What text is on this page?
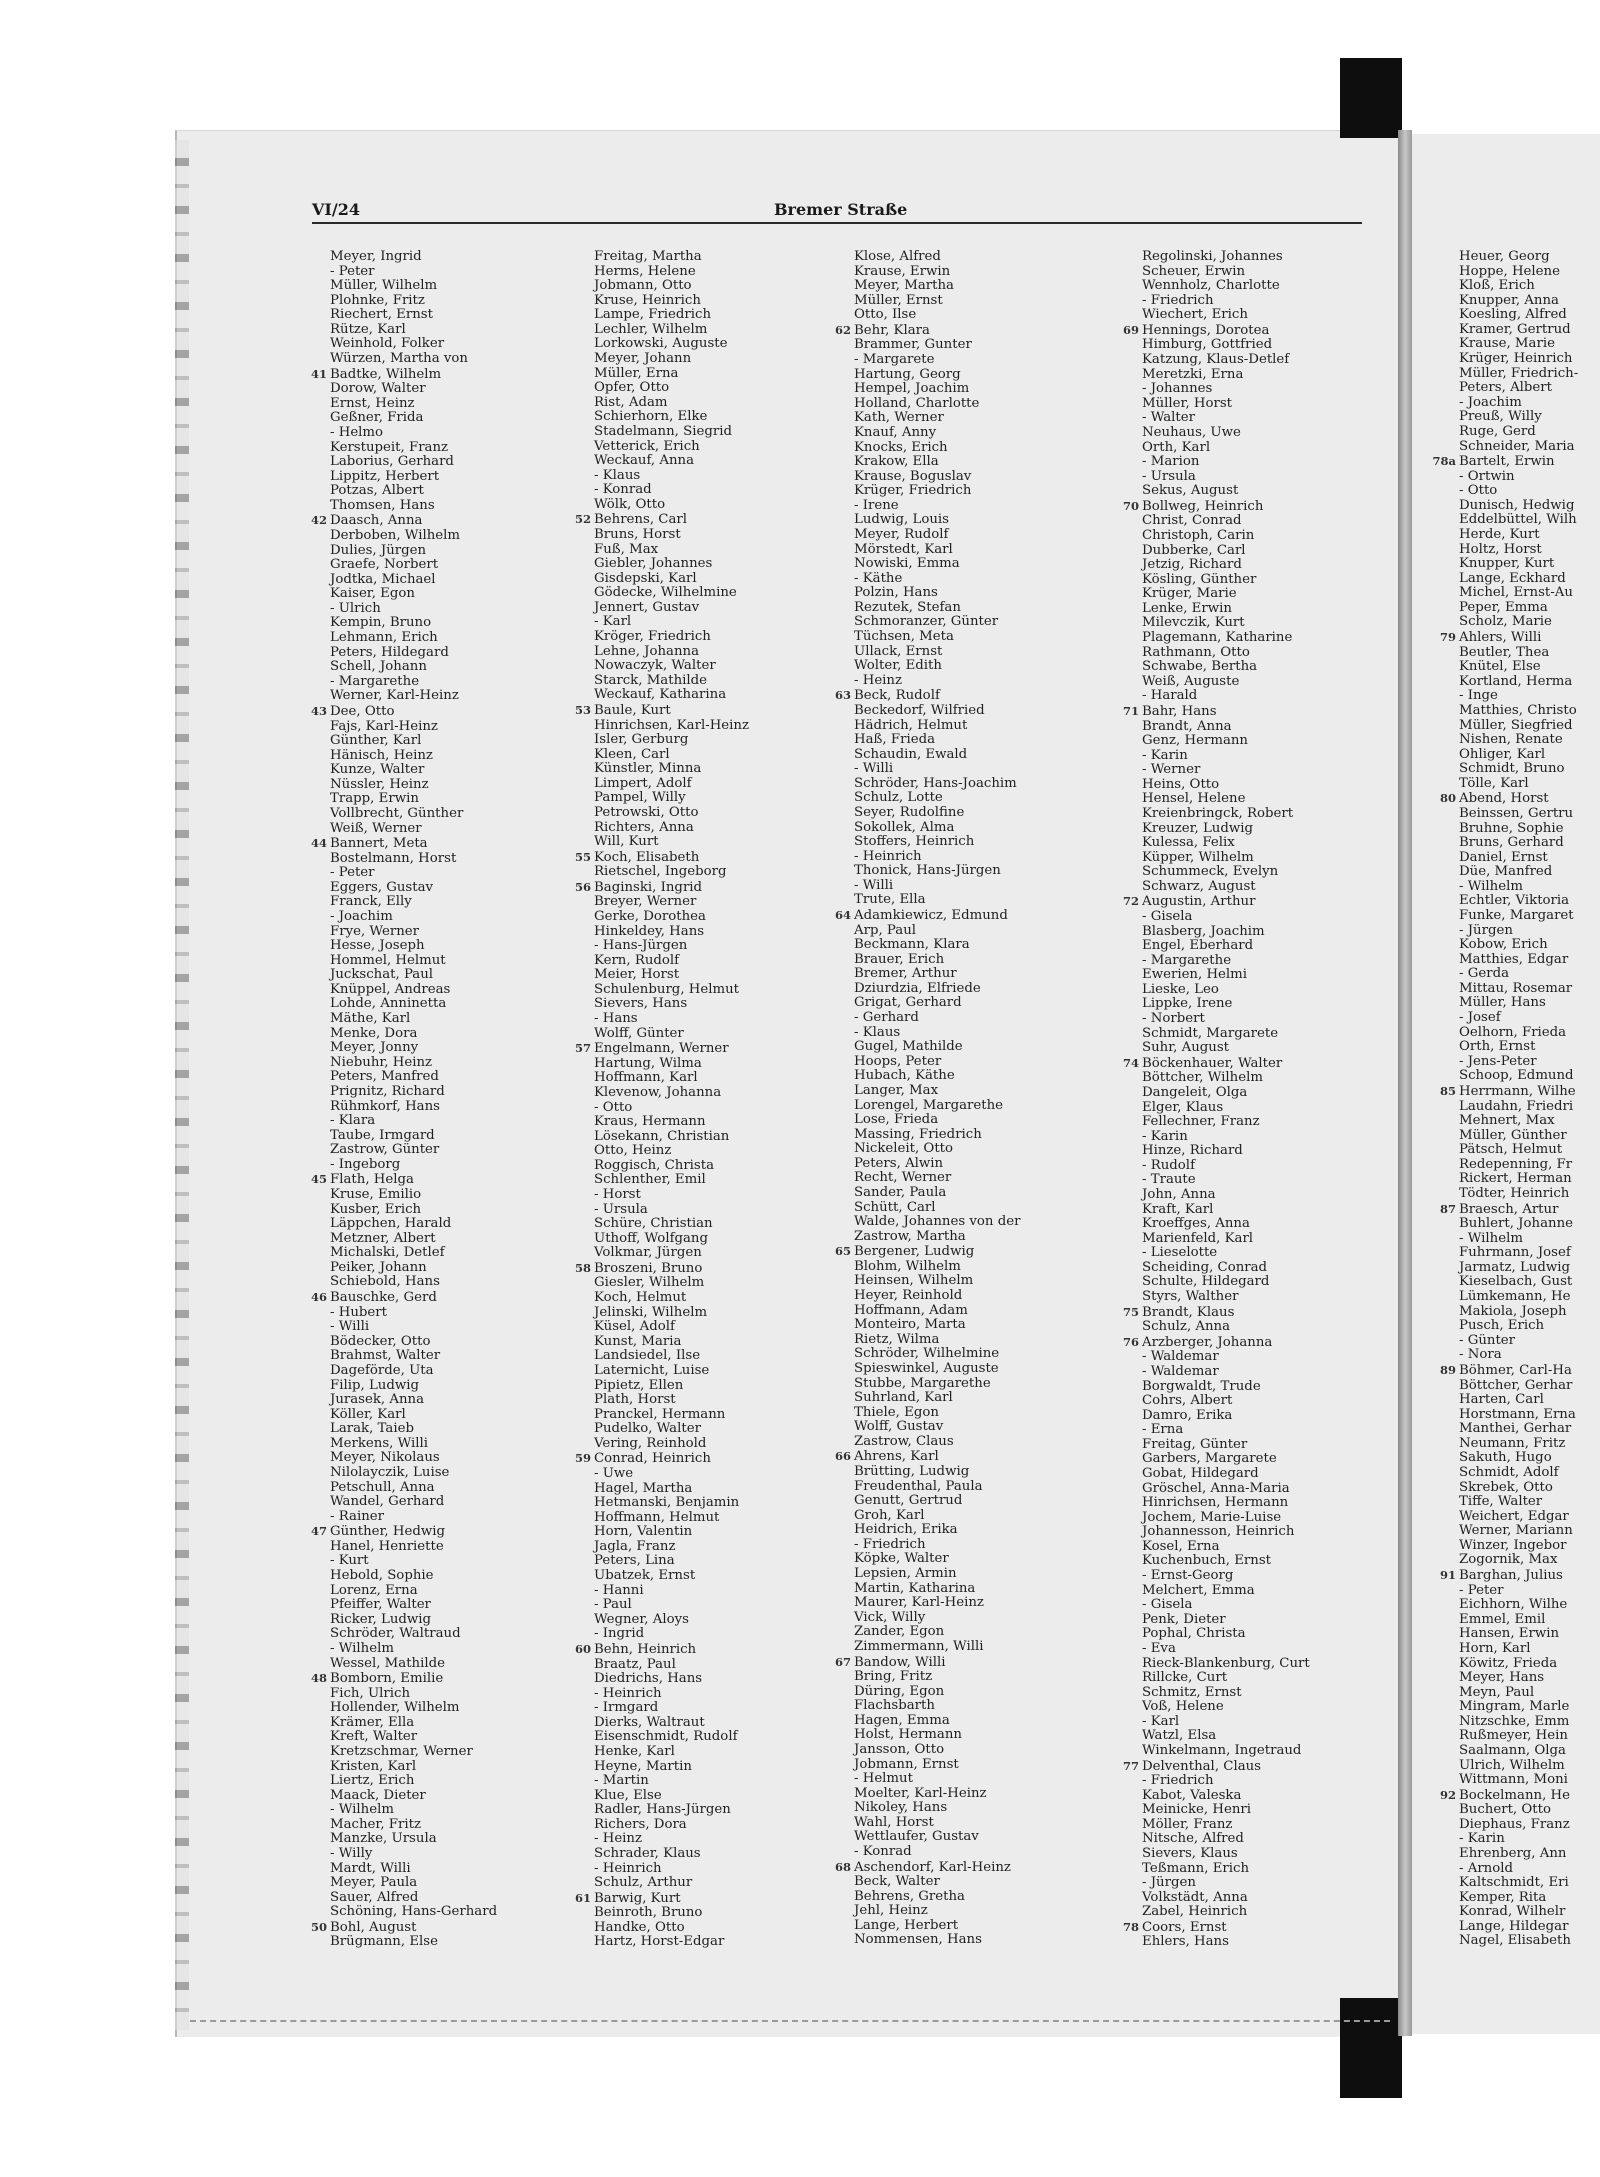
VI/24	Bremer Straße
Meyer, Ingrid
- Peter
Müller, Wilhelm
Plohnke, Fritz
Riechert, Ernst
Rütze, Karl
Weinhold, Folker
Würzen, Martha von
41 Badtke, Wilhelm
Dorow, Walter
Ernst, Heinz
Geßner, Frida
- Helmo
Kerstupeit, Franz
Laborius, Gerhard
Lippitz, Herbert
Potzas, Albert
Thomsen, Hans
42 Daasch, Anna
Derboben, Wilhelm
Dulies, Jürgen
Graefe, Norbert
Jodtka, Michael
Kaiser, Egon
- Ulrich
Kempin, Bruno
Lehmann, Erich
Peters, Hildegard
Schell, Johann
- Margarethe
Werner, Karl-Heinz
43 Dee, Otto
Fajs, Karl-Heinz
Günther, Karl
Hänisch, Heinz
Kunze, Walter
Nüssler, Heinz
Trapp, Erwin
Vollbrecht, Günther
Weiß, Werner
44 Bannert, Meta
Bostelmann, Horst
- Peter
Eggers, Gustav
Franck, Elly
- Joachim
Frye, Werner
Hesse, Joseph
Hommel, Helmut
Juckschat, Paul
Knüppel, Andreas
Lohde, Anninetta
Mäthe, Karl
Menke, Dora
Meyer, Jonny
Niebuhr, Heinz
Peters, Manfred
Prignitz, Richard
Rühmkorf, Hans
- Klara
Taube, Irmgard
Zastrow, Günter
- Ingeborg
45 Flath, Helga
Kruse, Emilio
Kusber, Erich
Läppchen, Harald
Metzner, Albert
Michalski, Detlef
Peiker, Johann
Schiebold, Hans
46 Bauschke, Gerd
- Hubert
- Willi
Bödecker, Otto
Brahmst, Walter
Dageförde, Uta
Filip, Ludwig
Jurasek, Anna
Köller, Karl
Larak, Taieb
Merkens, Willi
Meyer, Nikolaus
Nilolayczik, Luise
Petschull, Anna
Wandel, Gerhard
- Rainer
47 Günther, Hedwig
Hanel, Henriette
- Kurt
Hebold, Sophie
Lorenz, Erna
Pfeiffer, Walter
Ricker, Ludwig
Schröder, Waltraud
- Wilhelm
Wessel, Mathilde
48 Bomborn, Emilie
Fich, Ulrich
Hollender, Wilhelm
Krämer, Ella
Kreft, Walter
Kretzschmar, Werner
Kristen, Karl
Liertz, Erich
Maack, Dieter
- Wilhelm
Macher, Fritz
Manzke, Ursula
- Willy
Mardt, Willi
Meyer, Paula
Sauer, Alfred
Schöning, Hans-Gerhard
50 Bohl, August
Brügmann, Else
Freitag, Martha
Herms, Helene
Jobmann, Otto
Kruse, Heinrich
Lampe, Friedrich
Lechler, Wilhelm
Lorkowski, Auguste
Meyer, Johann
Müller, Erna
Opfer, Otto
Rist, Adam
Schierhorn, Elke
Stadelmann, Siegrid
Vetterick, Erich
Weckauf, Anna
- Klaus
- Konrad
Wölk, Otto
52 Behrens, Carl
Bruns, Horst
Fuß, Max
Giebler, Johannes
Gisdepski, Karl
Gödecke, Wilhelmine
Jennert, Gustav
- Karl
Kröger, Friedrich
Lehne, Johanna
Nowaczyk, Walter
Starck, Mathilde
Weckauf, Katharina
53 Baule, Kurt
Hinrichsen, Karl-Heinz
Isler, Gerburg
Kleen, Carl
Künstler, Minna
Limpert, Adolf
Pampel, Willy
Petrowski, Otto
Richters, Anna
Will, Kurt
55 Koch, Elisabeth
Rietschel, Ingeborg
56 Baginski, Ingrid
Breyer, Werner
Gerke, Dorothea
Hinkeldey, Hans
- Hans-Jürgen
Kern, Rudolf
Meier, Horst
Schulenburg, Helmut
Sievers, Hans
- Hans
Wolff, Günter
57 Engelmann, Werner
Hartung, Wilma
Hoffmann, Karl
Klevenow, Johanna
- Otto
Kraus, Hermann
Lösekann, Christian
Otto, Heinz
Roggisch, Christa
Schlenther, Emil
- Horst
- Ursula
Schüre, Christian
Uthoff, Wolfgang
Volkmar, Jürgen
58 Broszeni, Bruno
Giesler, Wilhelm
Koch, Helmut
Jelinski, Wilhelm
Küsel, Adolf
Kunst, Maria
Landsiedel, Ilse
Laternicht, Luise
Pipietz, Ellen
Plath, Horst
Pranckel, Hermann
Pudelko, Walter
Vering, Reinhold
59 Conrad, Heinrich
- Uwe
Hagel, Martha
Hetmanski, Benjamin
Hoffmann, Helmut
Horn, Valentin
Jagla, Franz
Peters, Lina
Ubatzek, Ernst
- Hanni
- Paul
Wegner, Aloys
- Ingrid
60 Behn, Heinrich
Braatz, Paul
Diedrichs, Hans
- Heinrich
- Irmgard
Dierks, Waltraut
Eisenschmidt, Rudolf
Henke, Karl
Heyne, Martin
- Martin
Klue, Else
Radler, Hans-Jürgen
Richers, Dora
- Heinz
Schrader, Klaus
- Heinrich
Schulz, Arthur
61 Barwig, Kurt
Beinroth, Bruno
Handke, Otto
Hartz, Horst-Edgar
Klose, Alfred
Krause, Erwin
Meyer, Martha
Müller, Ernst
Otto, Ilse
62 Behr, Klara
Brammer, Gunter
- Margarete
Hartung, Georg
Hempel, Joachim
Holland, Charlotte
Kath, Werner
Knauf, Anny
Knocks, Erich
Krakow, Ella
Krause, Boguslav
Krüger, Friedrich
- Irene
Ludwig, Louis
Meyer, Rudolf
Mörstedt, Karl
Nowiski, Emma
- Käthe
Polzin, Hans
Rezutek, Stefan
Schmoranzer, Günter
Tüchsen, Meta
Ullack, Ernst
Wolter, Edith
- Heinz
63 Beck, Rudolf
Beckedorf, Wilfried
Hädrich, Helmut
Haß, Frieda
Schaudin, Ewald
- Willi
Schröder, Hans-Joachim
Schulz, Lotte
Seyer, Rudolfine
Sokollek, Alma
Stoffers, Heinrich
- Heinrich
Thonick, Hans-Jürgen
- Willi
Trute, Ella
64 Adamkiewicz, Edmund
Arp, Paul
Beckmann, Klara
Brauer, Erich
Bremer, Arthur
Dziurdzia, Elfriede
Grigat, Gerhard
- Gerhard
- Klaus
Gugel, Mathilde
Hoops, Peter
Hubach, Käthe
Langer, Max
Lorengel, Margarethe
Lose, Frieda
Massing, Friedrich
Nickeleit, Otto
Peters, Alwin
Recht, Werner
Sander, Paula
Schütt, Carl
Walde, Johannes von der
Zastrow, Martha
65 Bergener, Ludwig
Blohm, Wilhelm
Heinsen, Wilhelm
Heyer, Reinhold
Hoffmann, Adam
Monteiro, Marta
Rietz, Wilma
Schröder, Wilhelmine
Spieswinkel, Auguste
Stubbe, Margarethe
Suhrland, Karl
Thiele, Egon
Wolff, Gustav
Zastrow, Claus
66 Ahrens, Karl
Brütting, Ludwig
Freudenthal, Paula
Genutt, Gertrud
Groh, Karl
Heidrich, Erika
- Friedrich
Köpke, Walter
Lepsien, Armin
Martin, Katharina
Maurer, Karl-Heinz
Vick, Willy
Zander, Egon
Zimmermann, Willi
67 Bandow, Willi
Bring, Fritz
Düring, Egon
Flachsbarth
Hagen, Emma
Holst, Hermann
Jansson, Otto
Jobmann, Ernst
- Helmut
Moelter, Karl-Heinz
Nikoley, Hans
Wahl, Horst
Wettlaufer, Gustav
- Konrad
68 Aschendorf, Karl-Heinz
Beck, Walter
Behrens, Gretha
Jehl, Heinz
Lange, Herbert
Nommensen, Hans
Regolinski, Johannes
Scheuer, Erwin
Wennholz, Charlotte
- Friedrich
Wiechert, Erich
69 Hennings, Dorotea
Himburg, Gottfried
Katzung, Klaus-Detlef
Meretzki, Erna
- Johannes
Müller, Horst
- Walter
Neuhaus, Uwe
Orth, Karl
- Marion
- Ursula
Sekus, August
70 Bollweg, Heinrich
Christ, Conrad
Christoph, Carin
Dubberke, Carl
Jetzig, Richard
Kösling, Günther
Krüger, Marie
Lenke, Erwin
Milevczik, Kurt
Plagemann, Katharine
Rathmann, Otto
Schwabe, Bertha
Weiß, Auguste
- Harald
71 Bahr, Hans
Brandt, Anna
Genz, Hermann
- Karin
- Werner
Heins, Otto
Hensel, Helene
Kreienbringck, Robert
Kreuzer, Ludwig
Kulessa, Felix
Küpper, Wilhelm
Schummeck, Evelyn
Schwarz, August
72 Augustin, Arthur
- Gisela
Blasberg, Joachim
Engel, Eberhard
- Margarethe
Ewerien, Helmi
Lieske, Leo
Lippke, Irene
- Norbert
Schmidt, Margarete
Suhr, August
74 Böckenhauer, Walter
Böttcher, Wilhelm
Dangeleit, Olga
Elger, Klaus
Fellechner, Franz
- Karin
Hinze, Richard
- Rudolf
- Traute
John, Anna
Kraft, Karl
Kroeffges, Anna
Marienfeld, Karl
- Lieselotte
Scheiding, Conrad
Schulte, Hildegard
Styrs, Walther
75 Brandt, Klaus
Schulz, Anna
76 Arzberger, Johanna
- Waldemar
- Waldemar
Borgwaldt, Trude
Cohrs, Albert
Damro, Erika
- Erna
Freitag, Günter
Garbers, Margarete
Gobat, Hildegard
Gröschel, Anna-Maria
Hinrichsen, Hermann
Jochem, Marie-Luise
Johannesson, Heinrich
Kosel, Erna
Kuchenbuch, Ernst
- Ernst-Georg
Melchert, Emma
- Gisela
Penk, Dieter
Pophal, Christa
- Eva
Rieck-Blankenburg, Curt
Rillcke, Curt
Schmitz, Ernst
Voß, Helene
- Karl
Watzl, Elsa
Winkelmann, Ingetraud
77 Delventhal, Claus
- Friedrich
Kabot, Valeska
Meinicke, Henri
Möller, Franz
Nitsche, Alfred
Sievers, Klaus
Teßmann, Erich
- Jürgen
Volkstädt, Anna
Zabel, Heinrich
78 Coors, Ernst
Ehlers, Hans
Heuer, Georg
Hoppe, Helene
Kloß, Erich
Knupper, Anna
Koesling, Alfred
Kramer, Gertrud
Krause, Marie
Krüger, Heinrich
Müller, Friedrich-
Peters, Albert
- Joachim
Preuß, Willy
Ruge, Gerd
Schneider, Maria
78a Bartelt, Erwin
- Ortwin
- Otto
Dunisch, Hedwig
Eddelbüttel, Wilh
Herde, Kurt
Holtz, Horst
Knupper, Kurt
Lange, Eckhard
Michel, Ernst-Au
Peper, Emma
Scholz, Marie
79 Ahlers, Willi
Beutler, Thea
Knütel, Else
Kortland, Herma
- Inge
Matthies, Christo
Müller, Siegfried
Nishen, Renate
Ohliger, Karl
Schmidt, Bruno
Tölle, Karl
80 Abend, Horst
Beinssen, Gertru
Bruhne, Sophie
Bruns, Gerhard
Daniel, Ernst
Düe, Manfred
- Wilhelm
Echtler, Viktoria
Funke, Margaret
- Jürgen
Kobow, Erich
Matthies, Edgar
- Gerda
Mittau, Rosemar
Müller, Hans
- Josef
Oelhorn, Frieda
Orth, Ernst
- Jens-Peter
Schoop, Edmund
85 Herrmann, Wilhe
Laudahn, Friedri
Mehnert, Max
Müller, Günther
Pätsch, Helmut
Redepenning, Fr
Rickert, Herman
Tödter, Heinrich
87 Braesch, Artur
Buhlert, Johanne
- Wilhelm
Fuhrmann, Josef
Jarmatz, Ludwig
Kieselbach, Gust
Lümkemann, He
Makiola, Joseph
Pusch, Erich
- Günter
- Nora
89 Böhmer, Carl-Ha
Böttcher, Gerhar
Harten, Carl
Horstmann, Erna
Manthei, Gerhar
Neumann, Fritz
Sakuth, Hugo
Schmidt, Adolf
Skrebek, Otto
Tiffe, Walter
Weichert, Edgar
Werner, Mariann
Winzer, Ingebor
Zogornik, Max
91 Barghan, Julius
- Peter
Eichhorn, Wilhe
Emmel, Emil
Hansen, Erwin
Horn, Karl
Köwitz, Frieda
Meyer, Hans
Meyn, Paul
Mingram, Marle
Nitzschke, Emm
Rußmeyer, Hein
Saalmann, Olga
Ulrich, Wilhelm
Wittmann, Moni
92 Bockelmann, He
Buchert, Otto
Diephaus, Franz
- Karin
Ehrenberg, Ann
- Arnold
Kaltschmidt, Eri
Kemper, Rita
Konrad, Wilhelr
Lange, Hildegar
Nagel, Elisabeth
